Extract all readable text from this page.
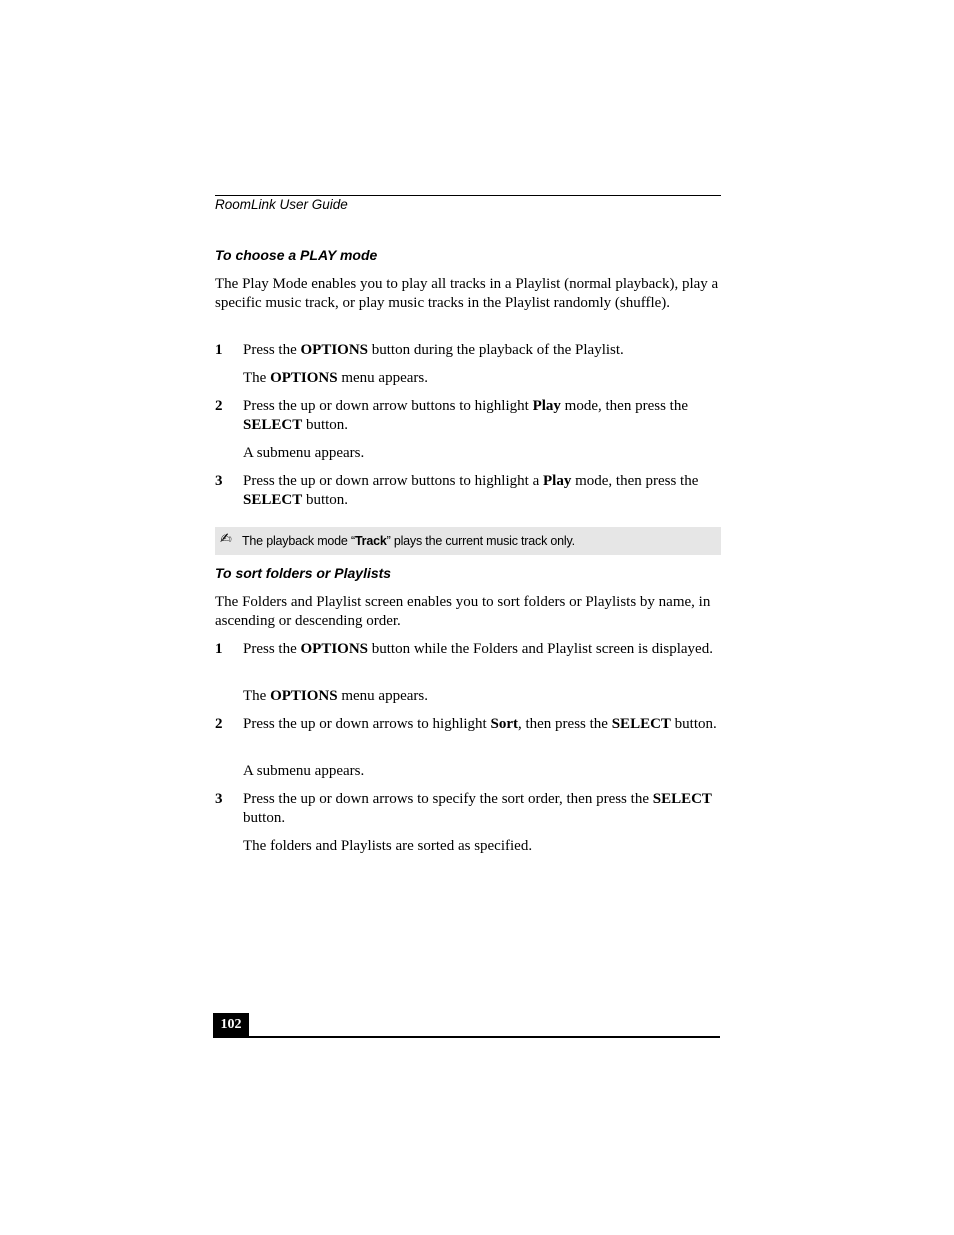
RoomLink User Guide
To choose a PLAY mode
The Play Mode enables you to play all tracks in a Playlist (normal playback), play a specific music track, or play music tracks in the Playlist randomly (shuffle).
1 Press the OPTIONS button during the playback of the Playlist.
The OPTIONS menu appears.
2 Press the up or down arrow buttons to highlight Play mode, then press the SELECT button.
A submenu appears.
3 Press the up or down arrow buttons to highlight a Play mode, then press the SELECT button.
✍ The playback mode “Track” plays the current music track only.
To sort folders or Playlists
The Folders and Playlist screen enables you to sort folders or Playlists by name, in ascending or descending order.
1 Press the OPTIONS button while the Folders and Playlist screen is displayed.
The OPTIONS menu appears.
2 Press the up or down arrows to highlight Sort, then press the SELECT button.
A submenu appears.
3 Press the up or down arrows to specify the sort order, then press the SELECT button.
The folders and Playlists are sorted as specified.
102
